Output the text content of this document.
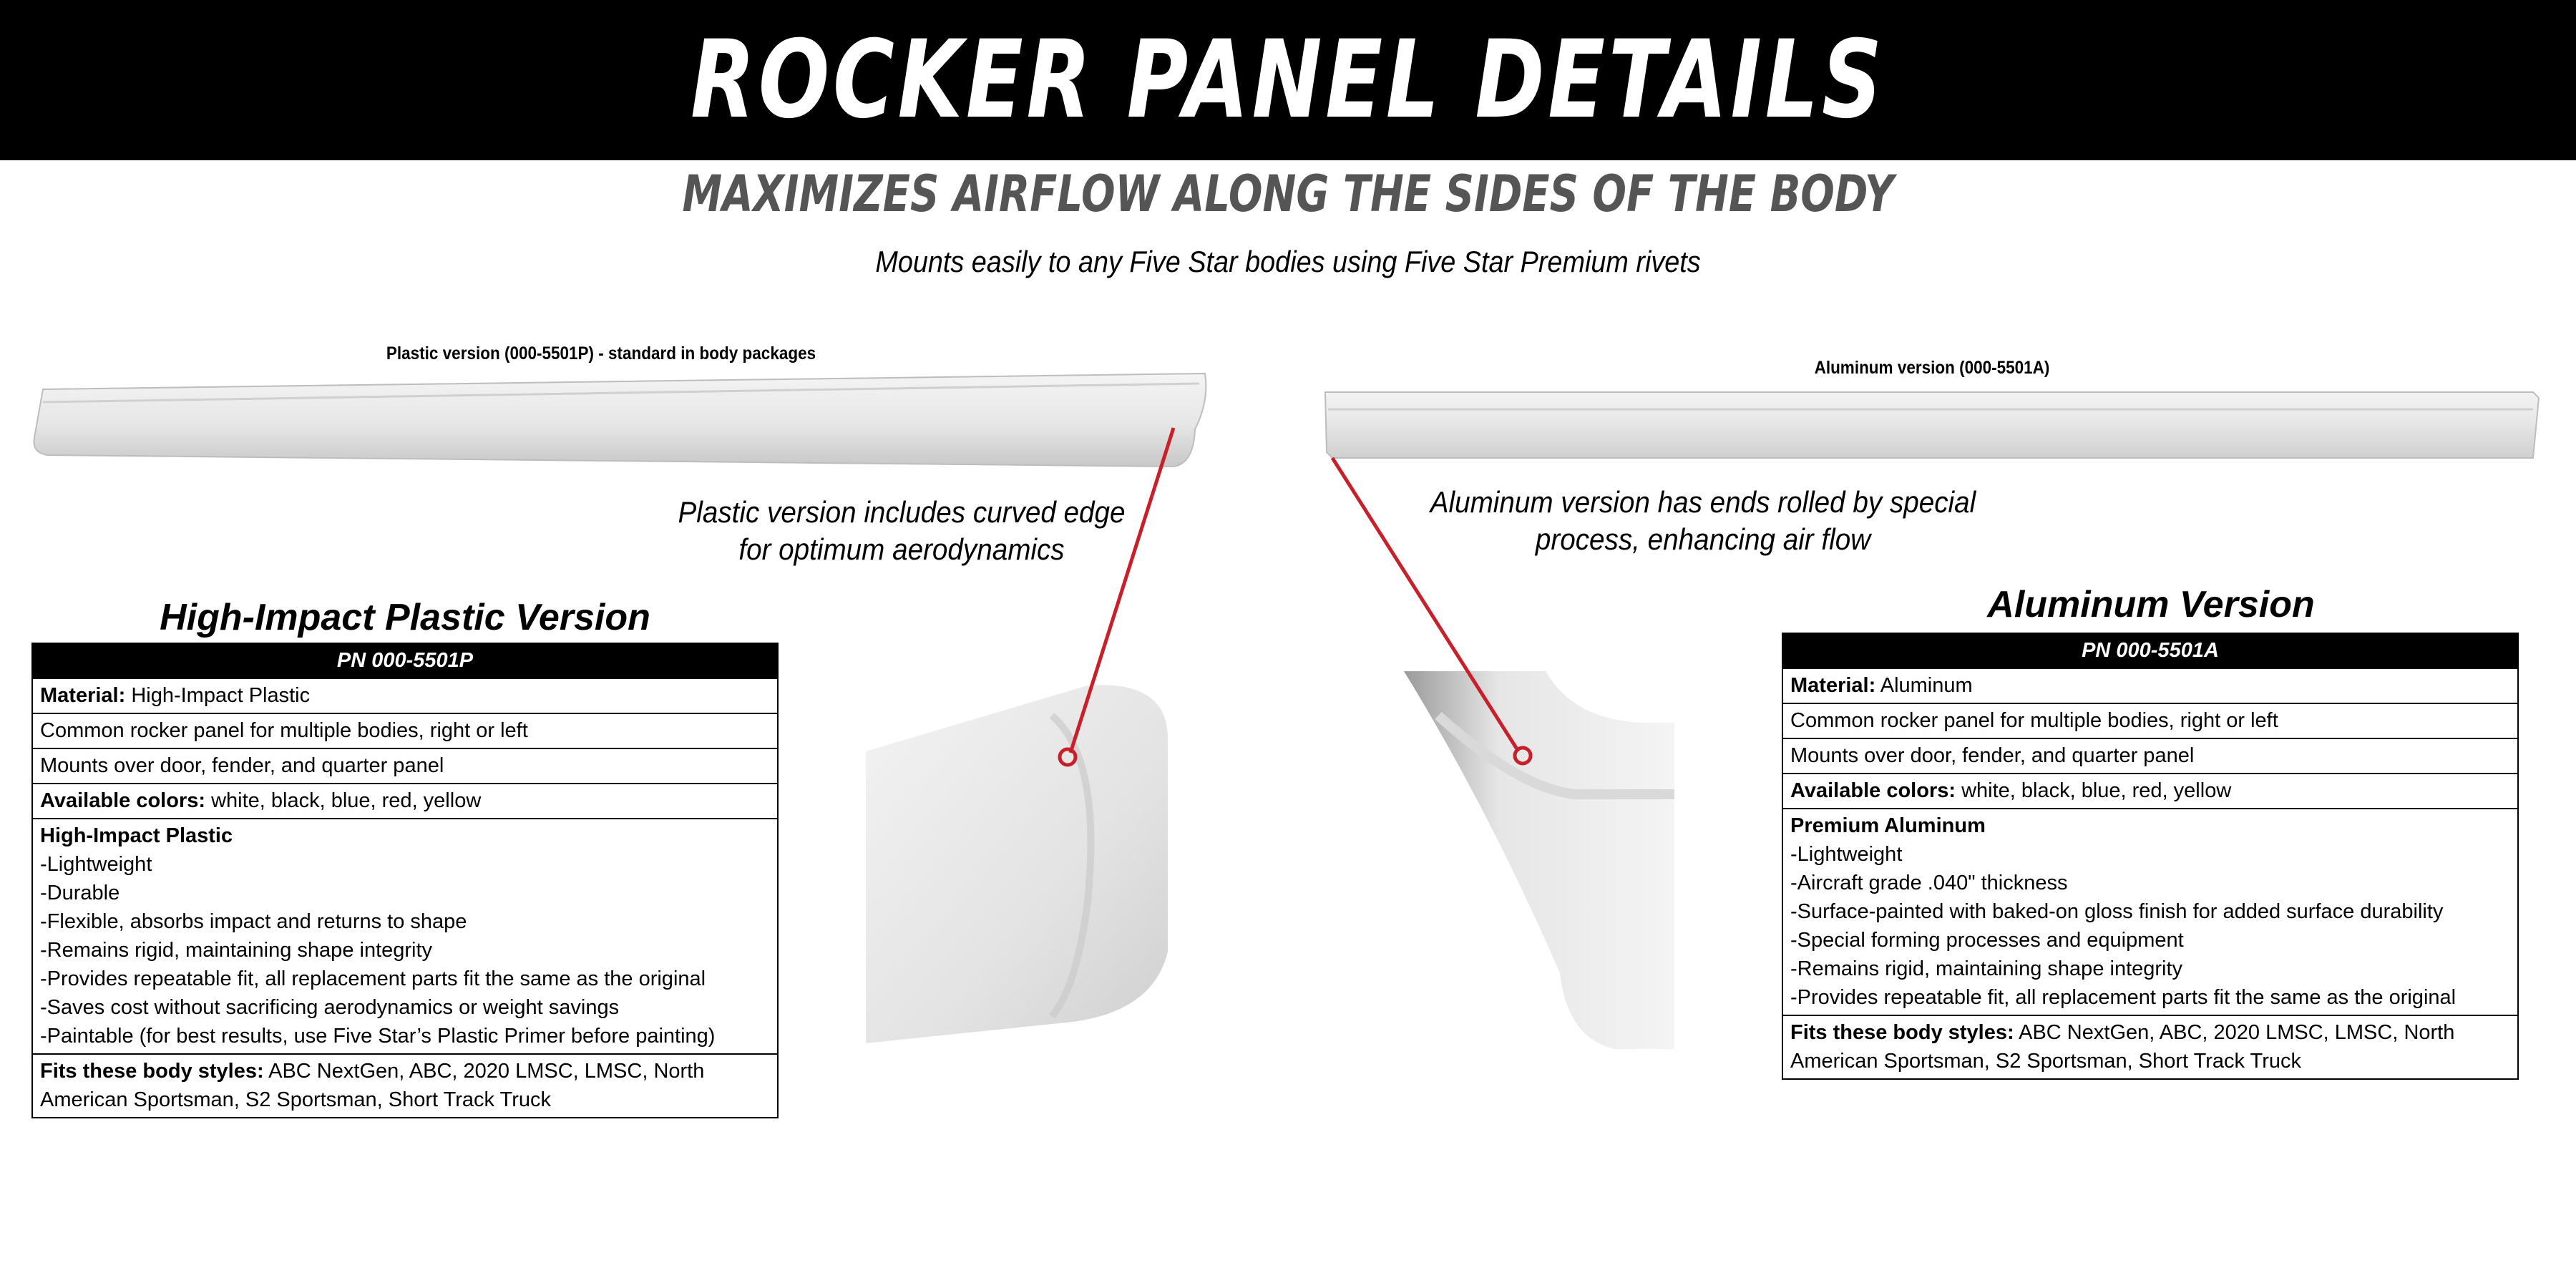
ROCKER PANEL DETAILS
MAXIMIZES AIRFLOW ALONG THE SIDES OF THE BODY
Mounts easily to any Five Star bodies using Five Star Premium rivets
Plastic version (000-5501P) - standard in body packages
Aluminum version (000-5501A)
Plastic version includes curved edge
for optimum aerodynamics
Aluminum version has ends rolled by special
process, enhancing air flow
High-Impact Plastic Version
PN 000-5501P
Material: High-Impact Plastic
Common rocker panel for multiple bodies, right or left
Mounts over door, fender, and quarter panel
Available colors: white, black, blue, red, yellow

High-Impact Plastic
-Lightweight
-Durable
-Flexible, absorbs impact and returns to shape
-Remains rigid, maintaining shape integrity
-Provides repeatable fit, all replacement parts fit the same as the original
-Saves cost without sacrificing aerodynamics or weight savings
-Paintable (for best results, use Five Star’s Plastic Primer before painting)

Fits these body styles: ABC NextGen, ABC, 2020 LMSC, LMSC, North American Sportsman, S2 Sportsman, Short Track Truck
Aluminum Version
PN 000-5501A
Material: Aluminum
Common rocker panel for multiple bodies, right or left
Mounts over door, fender, and quarter panel
Available colors: white, black, blue, red, yellow

Premium Aluminum
-Lightweight
-Aircraft grade .040" thickness
-Surface-painted with baked-on gloss finish for added surface durability
-Special forming processes and equipment
-Remains rigid, maintaining shape integrity
-Provides repeatable fit, all replacement parts fit the same as the original

Fits these body styles: ABC NextGen, ABC, 2020 LMSC, LMSC, North American Sportsman, S2 Sportsman, Short Track Truck
